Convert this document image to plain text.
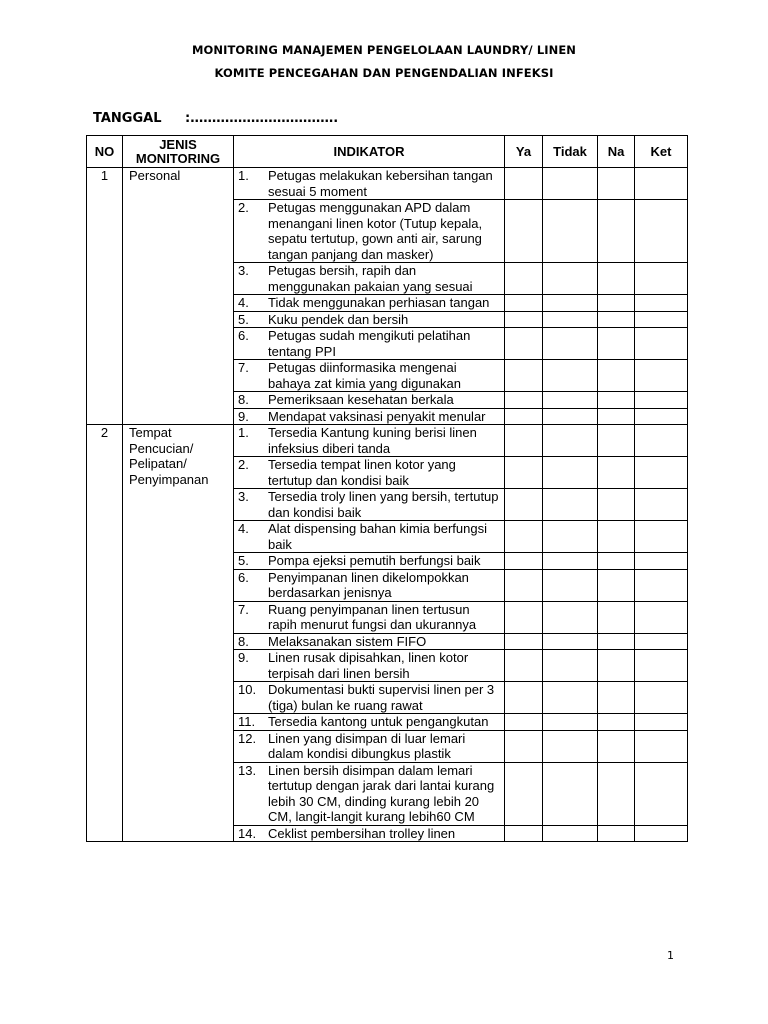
MONITORING MANAJEMEN PENGELOLAAN LAUNDRY/ LINEN
KOMITE PENCEGAHAN DAN PENGENDALIAN INFEKSI
TANGGAL :…………………………….
NO	JENIS MONITORING	INDIKATOR	Ya	Tidak	Na	Ket
1	Personal	1. Petugas melakukan kebersihan tangan sesuai 5 moment				

		2. Petugas menggunakan APD dalam menangani linen kotor (Tutup kepala, sepatu tertutup, gown anti air, sarung tangan panjang dan masker)				

		3. Petugas bersih, rapih dan menggunakan pakaian yang sesuai				

		4. Tidak menggunakan perhiasan tangan				

		5. Kuku pendek dan bersih				

		6. Petugas sudah mengikuti pelatihan tentang PPI				

		7. Petugas diinformasika mengenai bahaya zat kimia yang digunakan				

		8. Pemeriksaan kesehatan berkala				

		9. Mendapat vaksinasi penyakit menular				

2	Tempat Pencucian/ Pelipatan/ Penyimpanan	1. Tersedia Kantung kuning berisi linen infeksius diberi tanda				

		2. Tersedia tempat linen kotor yang tertutup dan kondisi baik				

		3. Tersedia troly linen yang bersih, tertutup dan kondisi baik				

		4. Alat dispensing bahan kimia berfungsi baik				

		5. Pompa ejeksi pemutih berfungsi baik				

		6. Penyimpanan linen dikelompokkan berdasarkan jenisnya				

		7. Ruang penyimpanan linen tertusun rapih menurut fungsi dan ukurannya				

		8. Melaksanakan sistem FIFO				

		9. Linen rusak dipisahkan, linen kotor terpisah dari linen bersih				

		10. Dokumentasi bukti supervisi linen per 3 (tiga) bulan ke ruang rawat				

		11. Tersedia kantong untuk pengangkutan				

		12. Linen yang disimpan di luar lemari dalam kondisi dibungkus plastik				

		13. Linen bersih disimpan dalam lemari tertutup dengan jarak dari lantai kurang lebih 30 CM, dinding kurang lebih 20 CM, langit-langit kurang lebih60 CM				

		14. Ceklist pembersihan trolley linen				

1
